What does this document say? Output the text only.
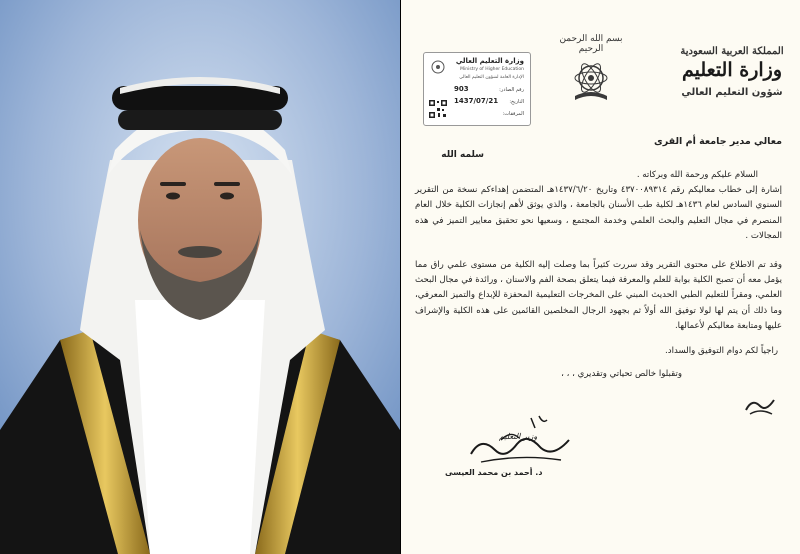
المملكة العربية السعودية
وزارة التعليم
شؤون التعليم العالي
بسم الله الرحمن الرحيم
وزارة التعليم العالي
Ministry of Higher Education
الإدارة العامة لشؤون التعليم العالي
رقم الصادر:
903
التاريخ:
1437/07/21
المرفقات:
معالي مدير جامعة أم القرى
سلمه الله

السلام عليكم ورحمة الله وبركاته .

إشارة إلى خطاب معاليكم رقم ٤٣٧٠٠٨٩٣١٤ وتاريخ ١٤٣٧/٦/٢٠هـ المتضمن إهداءكم نسخة من التقرير السنوي السادس لعام ١٤٣٦هـ لكلية طب الأسنان بالجامعة ، والذي يوثق لأهم إنجازات الكلية خلال العام المنصرم في مجال التعليم والبحث العلمي وخدمة المجتمع ، وسعيها نحو تحقيق معايير التميز في هذه المجالات .

وقد تم الاطلاع على محتوى التقرير وقد سررت كثيراً بما وصلت إليه الكلية من مستوى علمي راق مما يؤمل معه أن تصبح الكلية بوابة للعلم والمعرفة فيما يتعلق بصحة الفم والاسنان ، ورائدة في مجال البحث العلمي، ومقراً للتعليم الطبي الحديث المبني على المخرجات التعليمية المحفزة للإبداع والتميز المعرفي، وما ذلك أن يتم لها لولا توفيق الله أولاً ثم بجهود الرجال المخلصين القائمين على هذه الكلية والإشراف عليها ومتابعة معاليكم لأعمالها.

راجياً لكم دوام التوفيق والسداد.

وتقبلوا خالص تحياتي وتقديري ، ، ،

وزير التعليم
د. أحمد بن محمد العيسى
